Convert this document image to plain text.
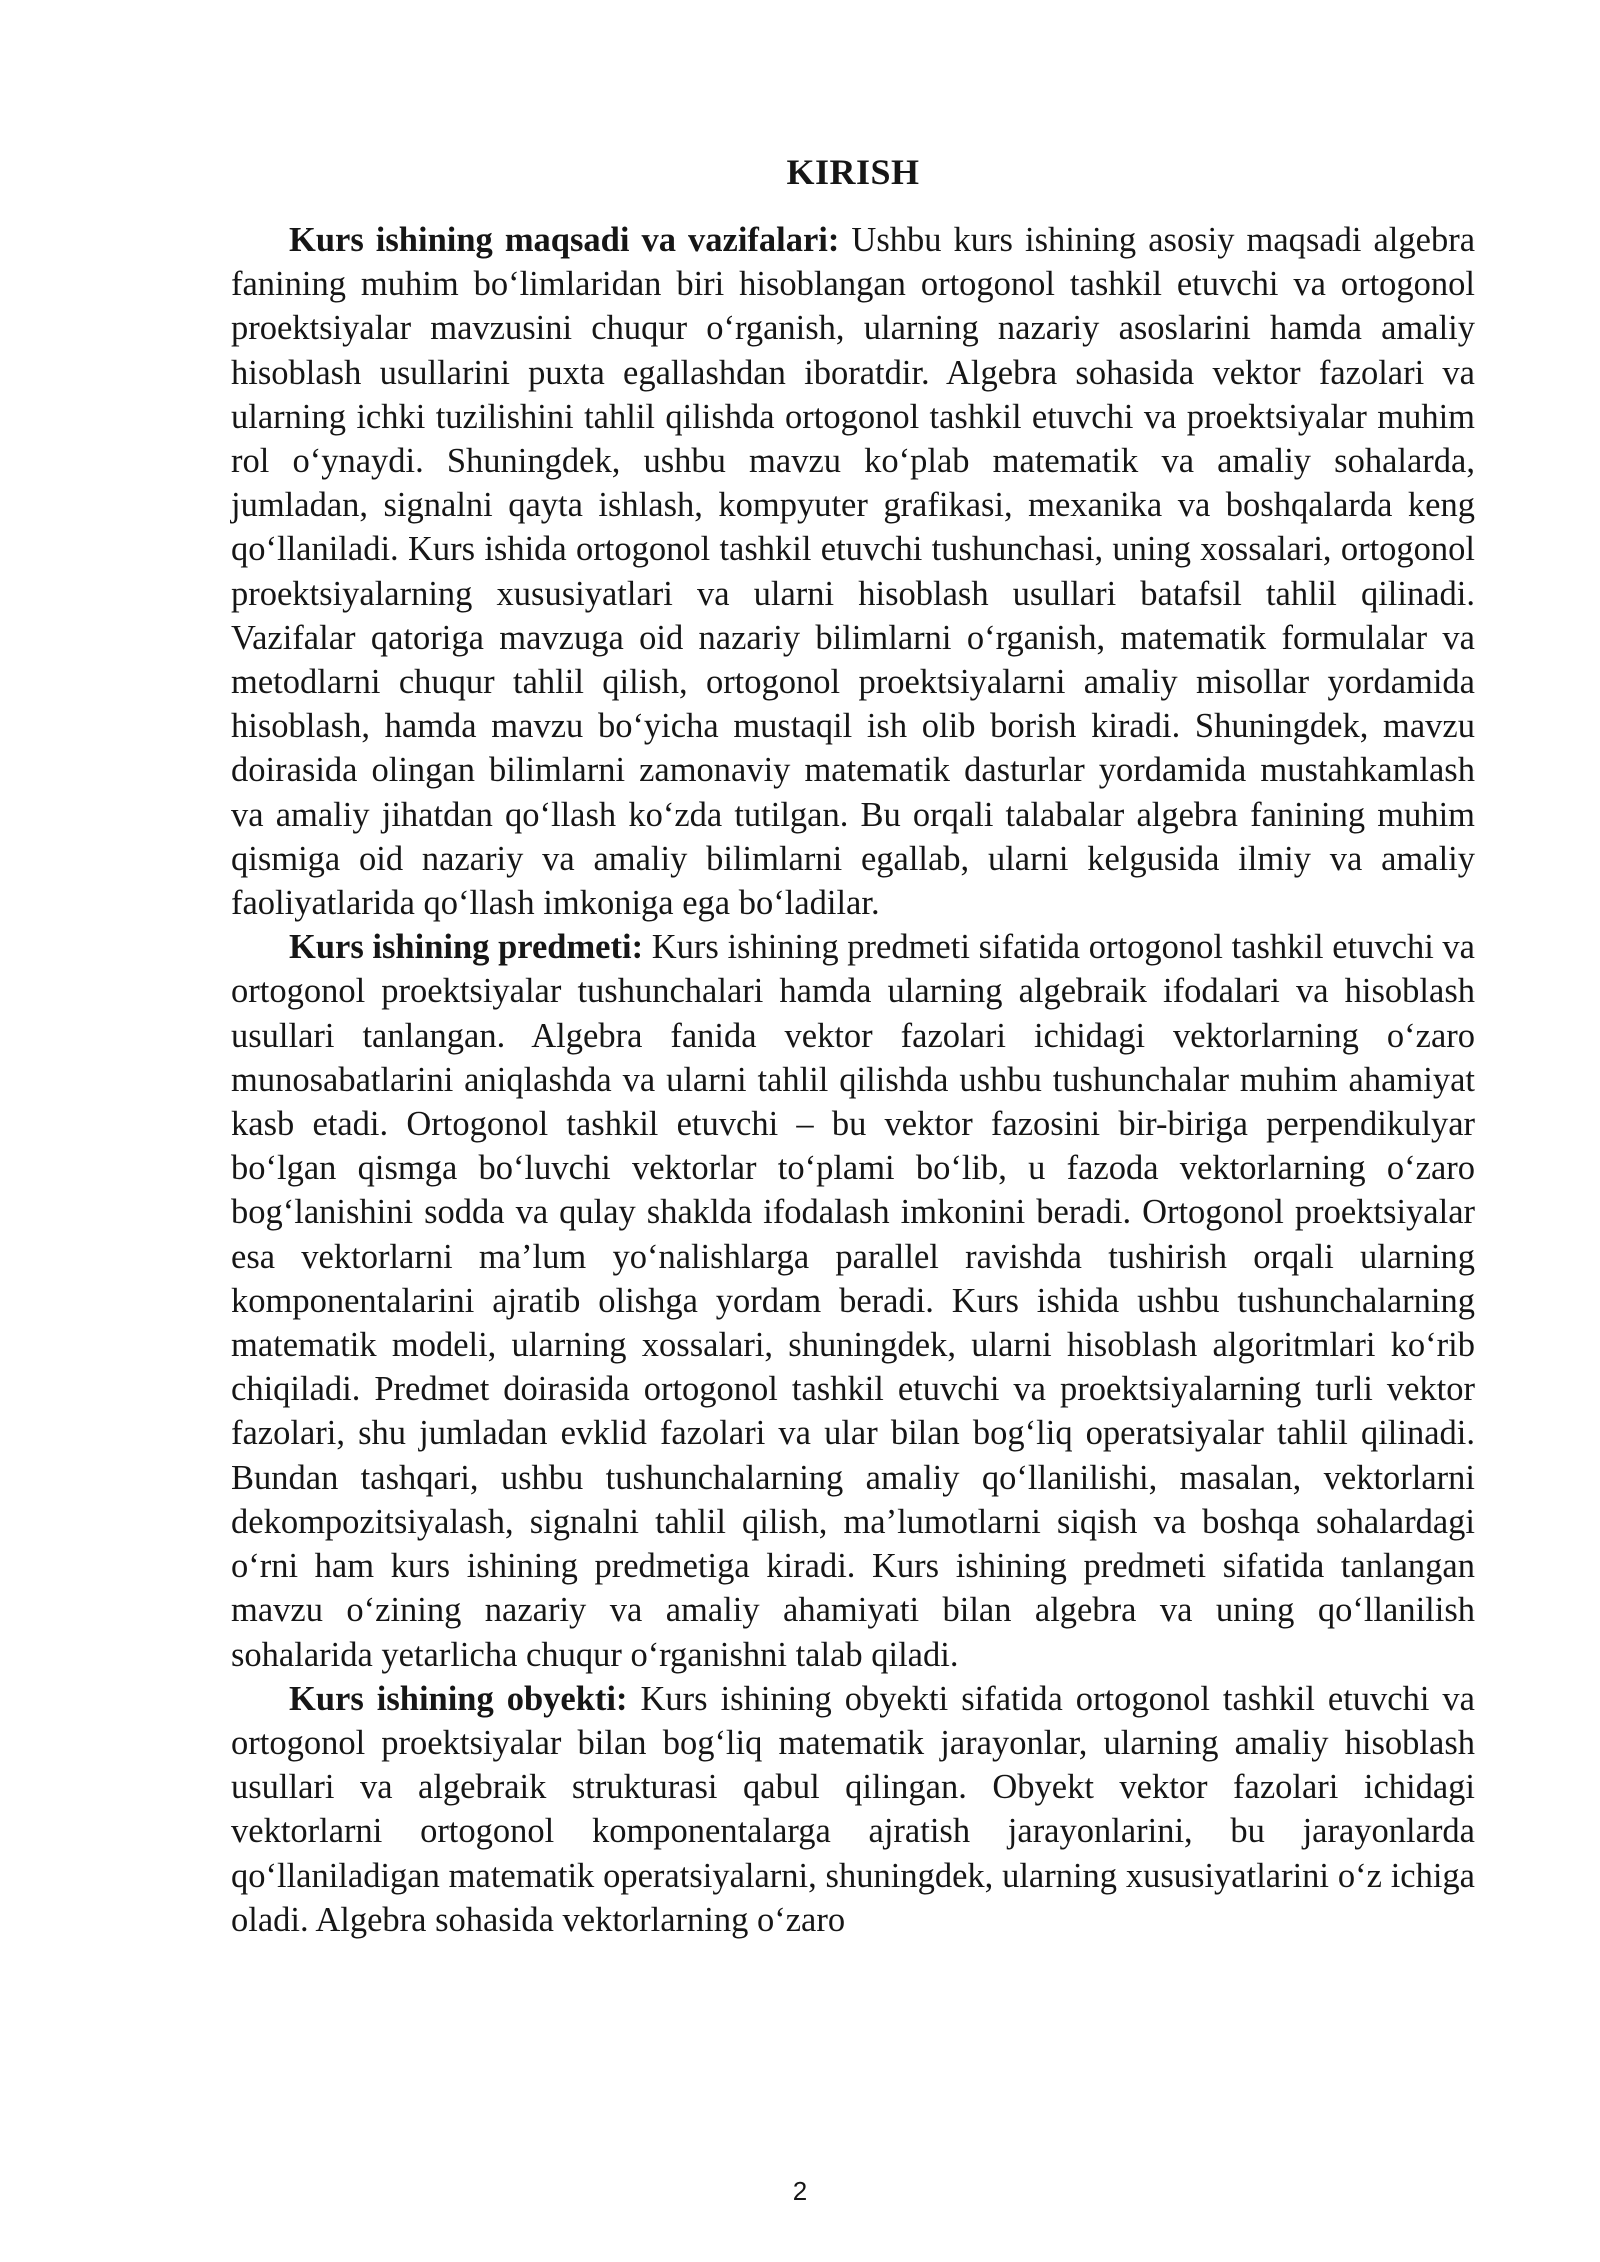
KIRISH

Kurs ishining maqsadi va vazifalari: Ushbu kurs ishining asosiy maqsadi algebra fanining muhim bo‘limlaridan biri hisoblangan ortogonol tashkil etuvchi va ortogonol proektsiyalar mavzusini chuqur o‘rganish, ularning nazariy asoslarini hamda amaliy hisoblash usullarini puxta egallashdan iboratdir. Algebra sohasida vektor fazolari va ularning ichki tuzilishini tahlil qilishda ortogonol tashkil etuvchi va proektsiyalar muhim rol o‘ynaydi. Shuningdek, ushbu mavzu ko‘plab matematik va amaliy sohalarda, jumladan, signalni qayta ishlash, kompyuter grafikasi, mexanika va boshqalarda keng qo‘llaniladi. Kurs ishida ortogonol tashkil etuvchi tushunchasi, uning xossalari, ortogonol proektsiyalarning xususiyatlari va ularni hisoblash usullari batafsil tahlil qilinadi. Vazifalar qatoriga mavzuga oid nazariy bilimlarni o‘rganish, matematik formulalar va metodlarni chuqur tahlil qilish, ortogonol proektsiyalarni amaliy misollar yordamida hisoblash, hamda mavzu bo‘yicha mustaqil ish olib borish kiradi. Shuningdek, mavzu doirasida olingan bilimlarni zamonaviy matematik dasturlar yordamida mustahkamlash va amaliy jihatdan qo‘llash ko‘zda tutilgan. Bu orqali talabalar algebra fanining muhim qismiga oid nazariy va amaliy bilimlarni egallab, ularni kelgusida ilmiy va amaliy faoliyatlarida qo‘llash imkoniga ega bo‘ladilar.

Kurs ishining predmeti: Kurs ishining predmeti sifatida ortogonol tashkil etuvchi va ortogonol proektsiyalar tushunchalari hamda ularning algebraik ifodalari va hisoblash usullari tanlangan. Algebra fanida vektor fazolari ichidagi vektorlarning o‘zaro munosabatlarini aniqlashda va ularni tahlil qilishda ushbu tushunchalar muhim ahamiyat kasb etadi. Ortogonol tashkil etuvchi – bu vektor fazosini bir-biriga perpendikulyar bo‘lgan qismga bo‘luvchi vektorlar to‘plami bo‘lib, u fazoda vektorlarning o‘zaro bog‘lanishini sodda va qulay shaklda ifodalash imkonini beradi. Ortogonol proektsiyalar esa vektorlarni ma’lum yo‘nalishlarga parallel ravishda tushirish orqali ularning komponentalarini ajratib olishga yordam beradi. Kurs ishida ushbu tushunchalarning matematik modeli, ularning xossalari, shuningdek, ularni hisoblash algoritmlari ko‘rib chiqiladi. Predmet doirasida ortogonol tashkil etuvchi va proektsiyalarning turli vektor fazolari, shu jumladan evklid fazolari va ular bilan bog‘liq operatsiyalar tahlil qilinadi. Bundan tashqari, ushbu tushunchalarning amaliy qo‘llanilishi, masalan, vektorlarni dekompozitsiyalash, signalni tahlil qilish, ma’lumotlarni siqish va boshqa sohalardagi o‘rni ham kurs ishining predmetiga kiradi. Kurs ishining predmeti sifatida tanlangan mavzu o‘zining nazariy va amaliy ahamiyati bilan algebra va uning qo‘llanilish sohalarida yetarlicha chuqur o‘rganishni talab qiladi.

Kurs ishining obyekti: Kurs ishining obyekti sifatida ortogonol tashkil etuvchi va ortogonol proektsiyalar bilan bog‘liq matematik jarayonlar, ularning amaliy hisoblash usullari va algebraik strukturasi qabul qilingan. Obyekt vektor fazolari ichidagi vektorlarni ortogonol komponentalarga ajratish jarayonlarini, bu jarayonlarda qo‘llaniladigan matematik operatsiyalarni, shuningdek, ularning xususiyatlarini o‘z ichiga oladi. Algebra sohasida vektorlarning o‘zaro

2
